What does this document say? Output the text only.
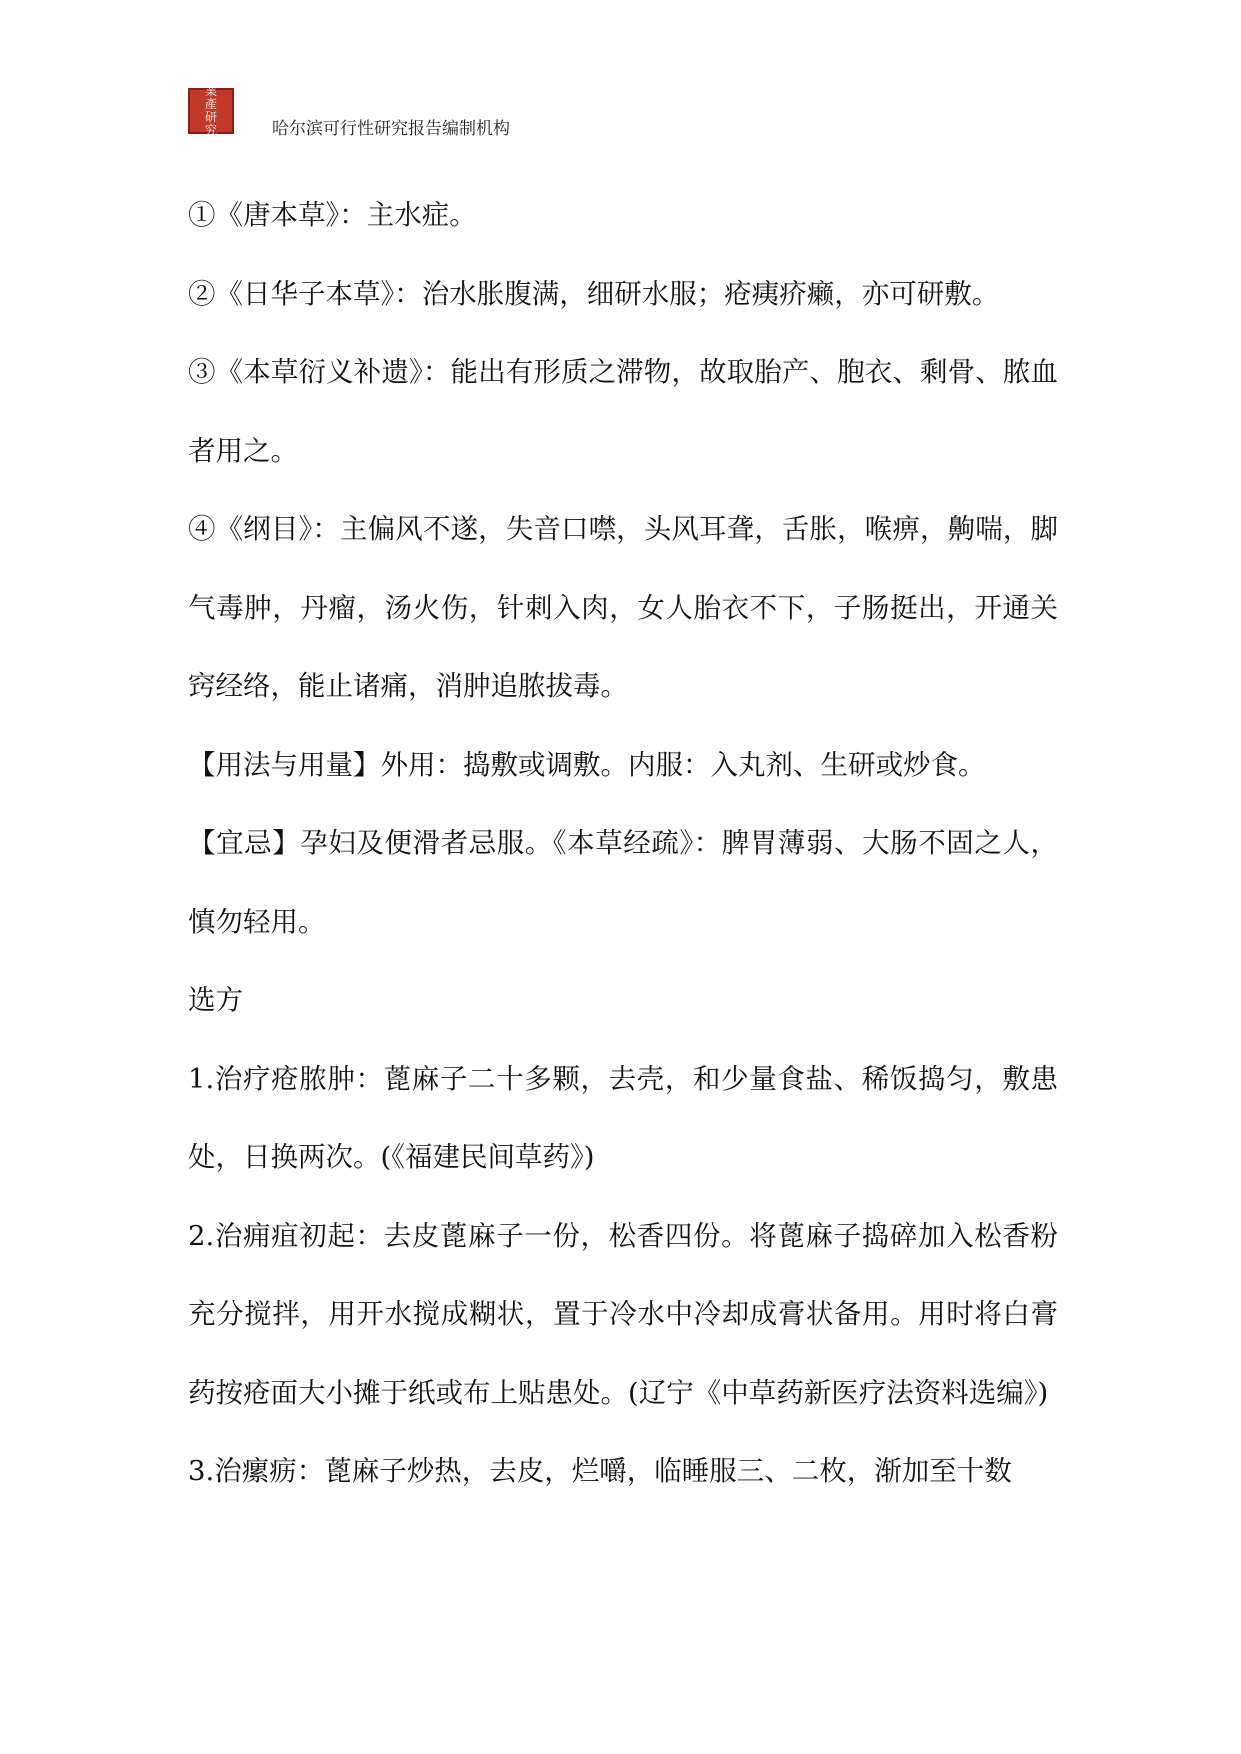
業
產
研
究	哈尔滨可行性研究报告编制机构

①《唐本草》：主水症。

②《日华子本草》：治水胀腹满，细研水服；疮痍疥癞，亦可研敷。

③《本草衍义补遗》：能出有形质之滞物，故取胎产、胞衣、剩骨、脓血者用之。

④《纲目》：主偏风不遂，失音口噤，头风耳聋，舌胀，喉痹，齁喘，脚气毒肿，丹瘤，汤火伤，针刺入肉，女人胎衣不下，子肠挺出，开通关窍经络，能止诸痛，消肿追脓拔毒。

【用法与用量】外用：捣敷或调敷。内服：入丸剂、生研或炒食。

【宜忌】孕妇及便滑者忌服。《本草经疏》：脾胃薄弱、大肠不固之人，慎勿轻用。

选方

1.治疗疮脓肿：蓖麻子二十多颗，去壳，和少量食盐、稀饭捣匀，敷患处，日换两次。(《福建民间草药》)

2.治痈疽初起：去皮蓖麻子一份，松香四份。将蓖麻子捣碎加入松香粉充分搅拌，用开水搅成糊状，置于冷水中冷却成膏状备用。用时将白膏药按疮面大小摊于纸或布上贴患处。(辽宁《中草药新医疗法资料选编》)

3.治瘰疬：蓖麻子炒热，去皮，烂嚼，临睡服三、二枚，渐加至十数
